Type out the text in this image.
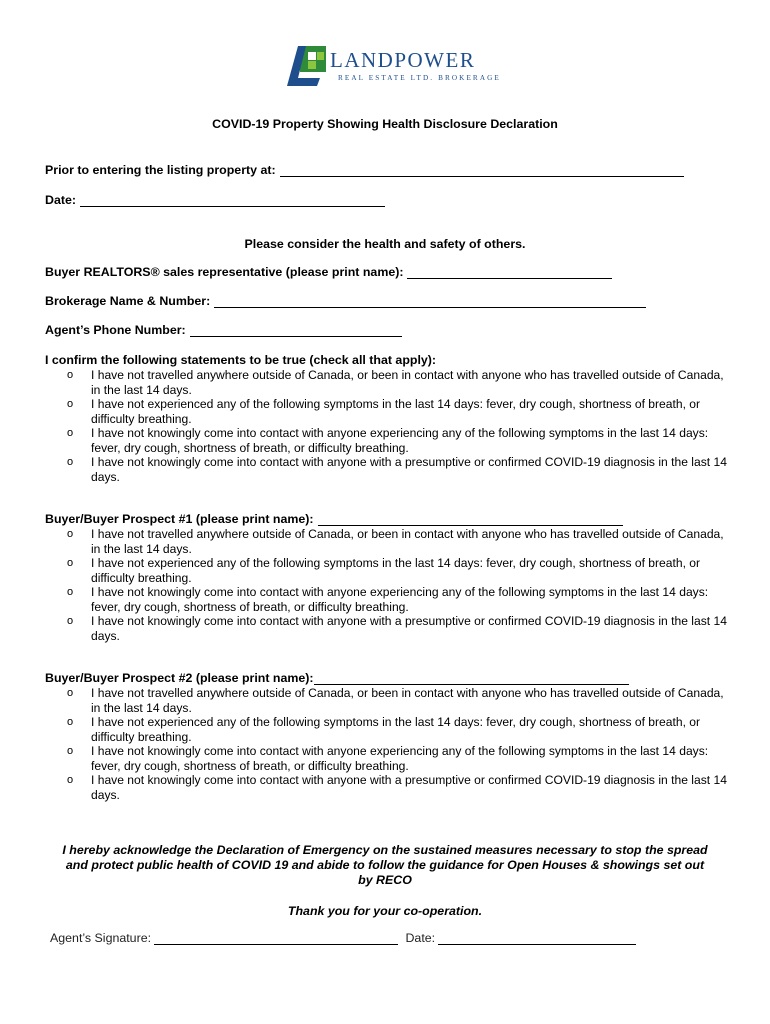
LANDPOWER
REAL ESTATE LTD. BROKERAGE
COVID-19 Property Showing Health Disclosure Declaration
Prior to entering the listing property at:
Date:
Please consider the health and safety of others.
Buyer REALTORS® sales representative (please print name):
Brokerage Name & Number:
Agent’s Phone Number:
I confirm the following statements to be true (check all that apply):
o I have not travelled anywhere outside of Canada, or been in contact with anyone who has travelled outside of Canada, in the last 14 days.
o I have not experienced any of the following symptoms in the last 14 days: fever, dry cough, shortness of breath, or difficulty breathing.
o I have not knowingly come into contact with anyone experiencing any of the following symptoms in the last 14 days: fever, dry cough, shortness of breath, or difficulty breathing.
o I have not knowingly come into contact with anyone with a presumptive or confirmed COVID-19 diagnosis in the last 14 days.
Buyer/Buyer Prospect #1 (please print name):
o I have not travelled anywhere outside of Canada, or been in contact with anyone who has travelled outside of Canada, in the last 14 days.
o I have not experienced any of the following symptoms in the last 14 days: fever, dry cough, shortness of breath, or difficulty breathing.
o I have not knowingly come into contact with anyone experiencing any of the following symptoms in the last 14 days: fever, dry cough, shortness of breath, or difficulty breathing.
o I have not knowingly come into contact with anyone with a presumptive or confirmed COVID-19 diagnosis in the last 14 days.
Buyer/Buyer Prospect #2 (please print name):
o I have not travelled anywhere outside of Canada, or been in contact with anyone who has travelled outside of Canada, in the last 14 days.
o I have not experienced any of the following symptoms in the last 14 days: fever, dry cough, shortness of breath, or difficulty breathing.
o I have not knowingly come into contact with anyone experiencing any of the following symptoms in the last 14 days: fever, dry cough, shortness of breath, or difficulty breathing.
o I have not knowingly come into contact with anyone with a presumptive or confirmed COVID-19 diagnosis in the last 14 days.
I hereby acknowledge the Declaration of Emergency on the sustained measures necessary to stop the spread and protect public health of COVID 19 and abide to follow the guidance for Open Houses & showings set out by RECO
Thank you for your co-operation.
Agent’s Signature:	Date:
